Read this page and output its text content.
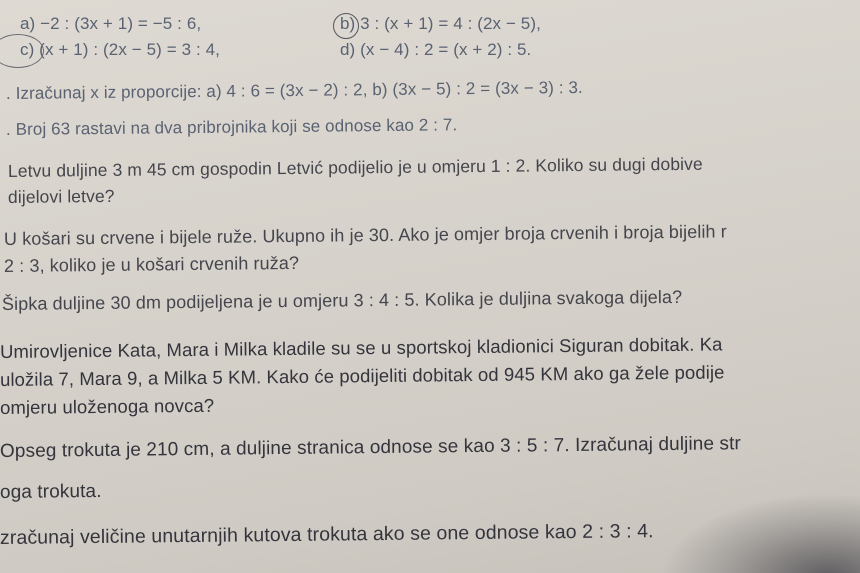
a) −2 : (3x + 1) = −5 : 6,	b) 3 : (x + 1) = 4 : (2x − 5),
c) (x + 1) : (2x − 5) = 3 : 4,	d) (x − 4) : 2 = (x + 2) : 5.
. Izračunaj x iz proporcije: a) 4 : 6 = (3x − 2) : 2, b) (3x − 5) : 2 = (3x − 3) : 3.
. Broj 63 rastavi na dva pribrojnika koji se odnose kao 2 : 7.
Letvu duljine 3 m 45 cm gospodin Letvić podijelio je u omjeru 1 : 2. Koliko su dugi dobive
dijelovi letve?
U košari su crvene i bijele ruže. Ukupno ih je 30. Ako je omjer broja crvenih i broja bijelih r
2 : 3, koliko je u košari crvenih ruža?
Šipka duljine 30 dm podijeljena je u omjeru 3 : 4 : 5. Kolika je duljina svakoga dijela?
Umirovljenice Kata, Mara i Milka kladile su se u sportskoj kladionici Siguran dobitak. Ka
uložila 7, Mara 9, a Milka 5 KM. Kako će podijeliti dobitak od 945 KM ako ga žele podije
omjeru uloženoga novca?
Opseg trokuta je 210 cm, a duljine stranica odnose se kao 3 : 5 : 7. Izračunaj duljine str
oga trokuta.
zračunaj veličine unutarnjih kutova trokuta ako se one odnose kao 2 : 3 : 4.
